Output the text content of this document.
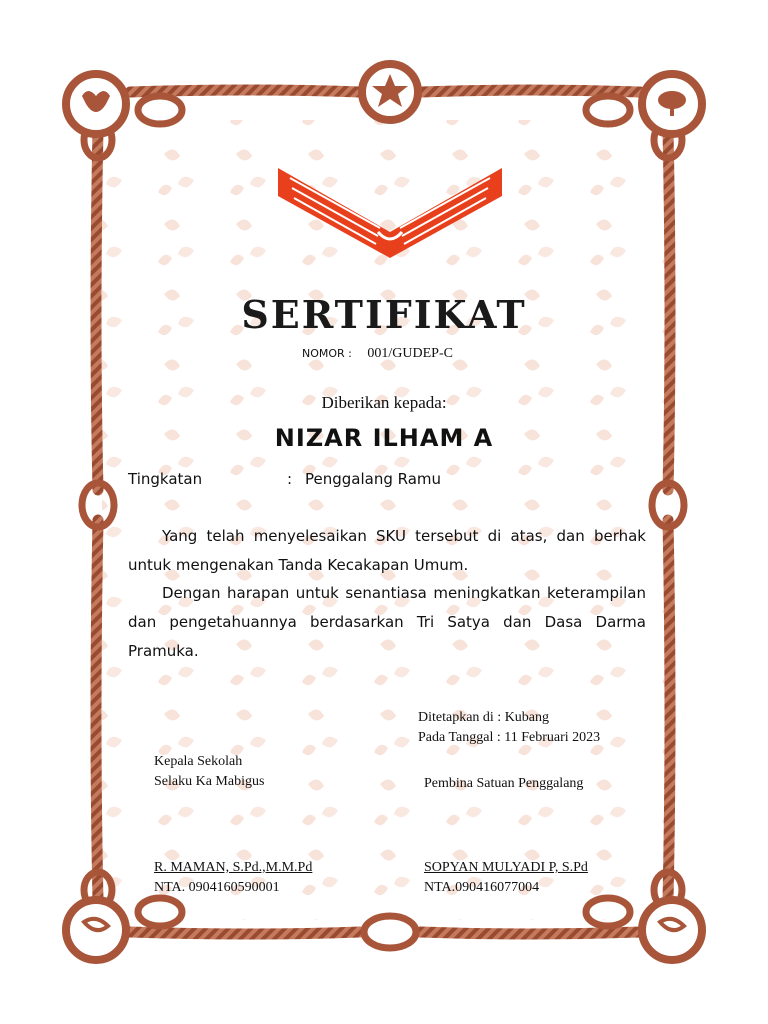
SERTIFIKAT
NOMOR : 001/GUDEP-C
Diberikan kepada:
NIZAR ILHAM A
Tingkatan	: Penggalang Ramu
Yang telah menyelesaikan SKU tersebut di atas, dan berhak untuk mengenakan Tanda Kecakapan Umum.
Dengan harapan untuk senantiasa meningkatkan keterampilan dan pengetahuannya berdasarkan Tri Satya dan Dasa Darma Pramuka.
Ditetapkan di : Kubang
Pada Tanggal : 11 Februari 2023
Kepala Sekolah
Selaku Ka Mabigus	Pembina Satuan Penggalang
R. MAMAN, S.Pd.,M.M.Pd
NTA. 0904160590001
SOPYAN MULYADI P, S.Pd
NTA.090416077004
